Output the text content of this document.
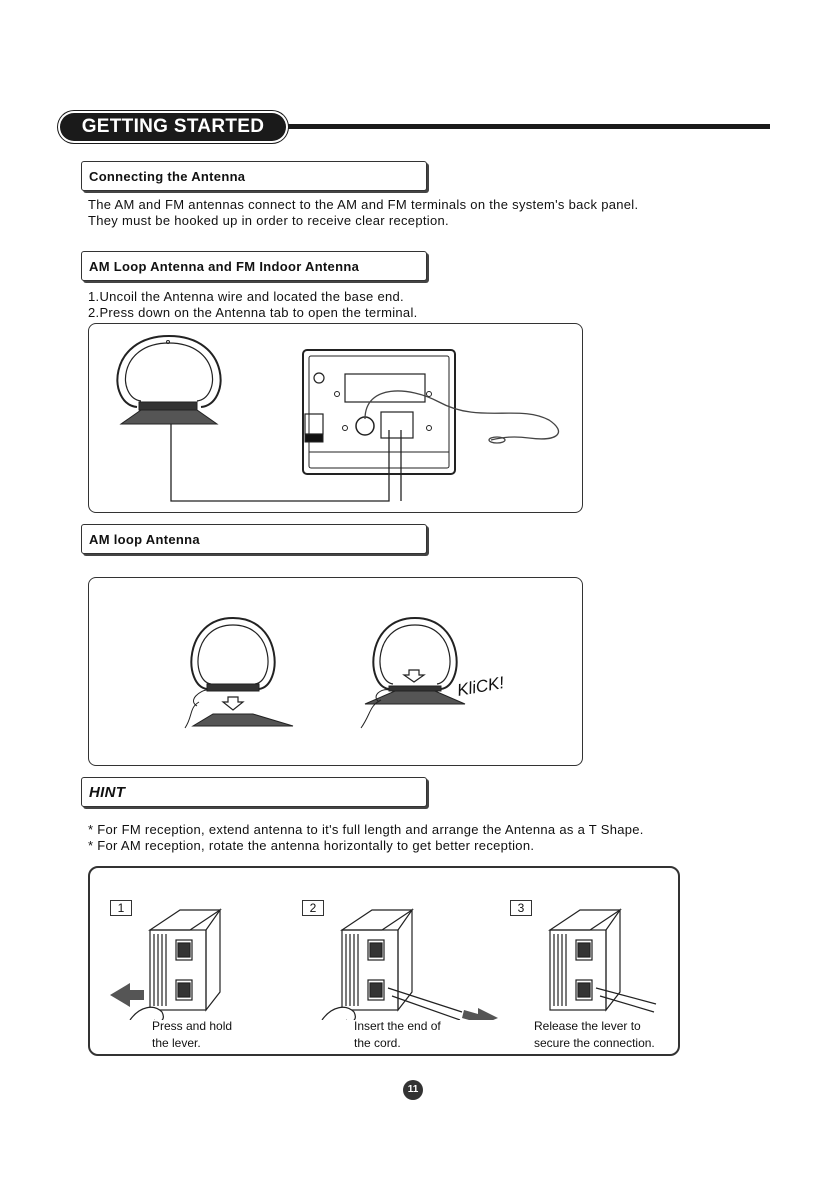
GETTING STARTED
Connecting the Antenna
The AM and FM antennas connect to the AM and FM terminals on the system's back panel.
They must be hooked up in order to receive clear reception.
AM Loop Antenna and FM Indoor Antenna
1.Uncoil the Antenna wire and located the base end.
2.Press down on the Antenna tab to open the terminal.
AM loop Antenna
KliCK!
HINT
* For FM reception, extend antenna to it's full length and arrange the Antenna as a T Shape.
* For AM reception, rotate the antenna horizontally to get better reception.
1
Press and hold
the lever.
2
Insert the end of
the cord.
3
Release the lever to
secure the connection.
11
